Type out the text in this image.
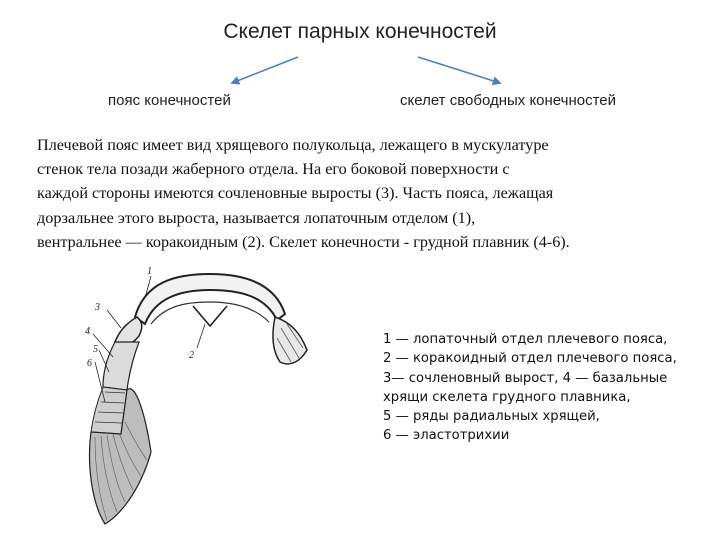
Скелет парных конечностей
пояс конечностей	скелет свободных конечностей
Плечевой пояс имеет вид хрящевого полукольца, лежащего в мускулатуре
стенок тела позади жаберного отдела. На его боковой поверхности с
каждой стороны имеются сочленовные выросты (3). Часть пояса, лежащая
дорзальнее этого выроста, называется лопаточным отделом (1),
вентральнее — коракоидным (2). Скелет конечности - грудной плавник (4-6).
1
2
3
4
5
6
1 — лопаточный отдел плечевого пояса,
2 — коракоидный отдел плечевого пояса,
3— сочленовный вырост, 4 — базальные
хрящи скелета грудного плавника,
5 — ряды радиальных хрящей,
6 — эластотрихии
